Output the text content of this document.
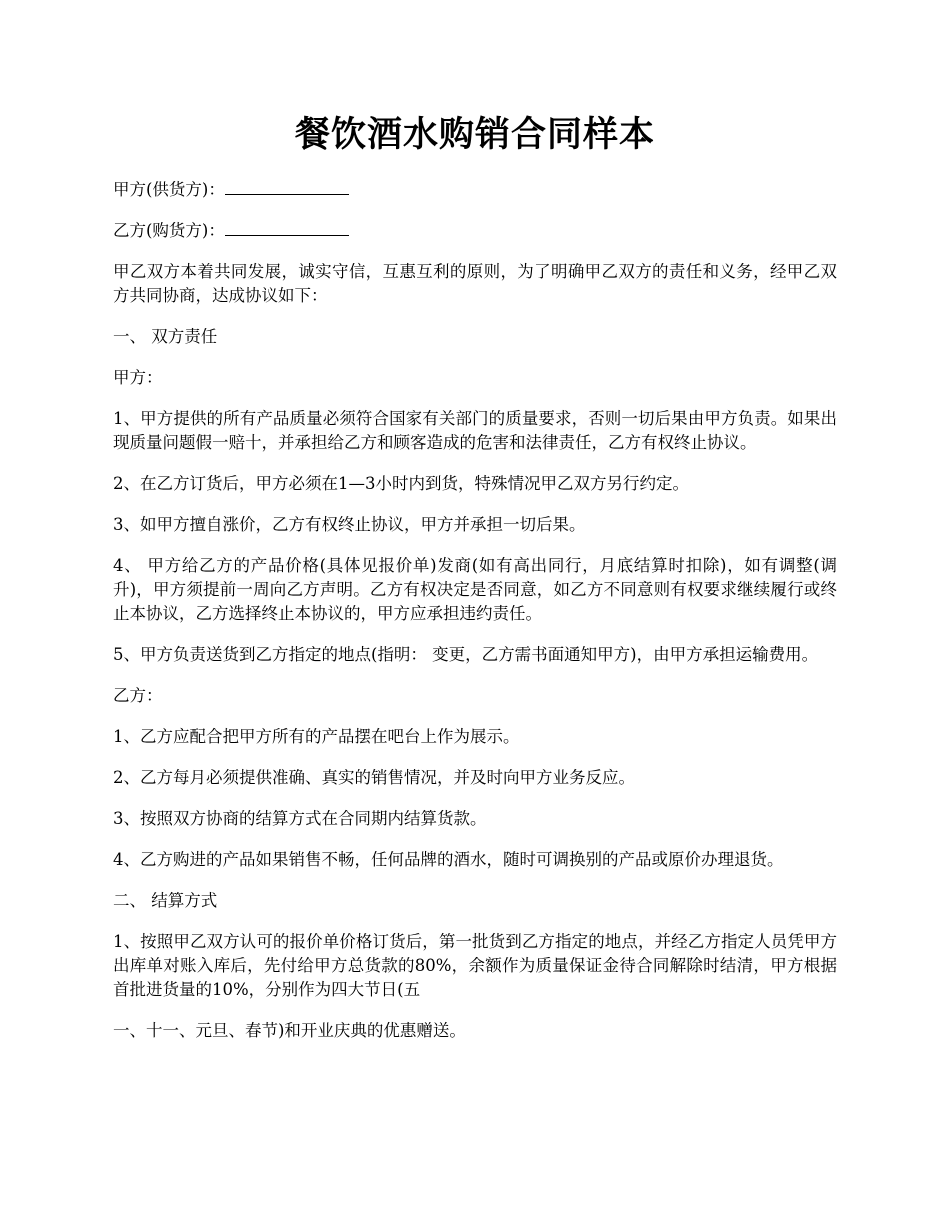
餐饮酒水购销合同样本

甲方(供货方)：

乙方(购货方)：

甲乙双方本着共同发展，诚实守信，互惠互利的原则，为了明确甲乙双方的责任和义务，经甲乙双方共同协商，达成协议如下：

一、 双方责任

甲方：

1、甲方提供的所有产品质量必须符合国家有关部门的质量要求，否则一切后果由甲方负责。如果出现质量问题假一赔十，并承担给乙方和顾客造成的危害和法律责任，乙方有权终止协议。

2、在乙方订货后，甲方必须在1—3小时内到货，特殊情况甲乙双方另行约定。

3、如甲方擅自涨价，乙方有权终止协议，甲方并承担一切后果。

4、 甲方给乙方的产品价格(具体见报价单)发商(如有高出同行，月底结算时扣除)，如有调整(调升)，甲方须提前一周向乙方声明。乙方有权决定是否同意，如乙方不同意则有权要求继续履行或终止本协议，乙方选择终止本协议的，甲方应承担违约责任。

5、甲方负责送货到乙方指定的地点(指明： 变更，乙方需书面通知甲方)，由甲方承担运输费用。

乙方：

1、乙方应配合把甲方所有的产品摆在吧台上作为展示。

2、乙方每月必须提供准确、真实的销售情况，并及时向甲方业务反应。

3、按照双方协商的结算方式在合同期内结算货款。

4、乙方购进的产品如果销售不畅，任何品牌的酒水，随时可调换别的产品或原价办理退货。

二、 结算方式

1、按照甲乙双方认可的报价单价格订货后，第一批货到乙方指定的地点，并经乙方指定人员凭甲方出库单对账入库后，先付给甲方总货款的80%，余额作为质量保证金待合同解除时结清，甲方根据首批进货量的10%，分别作为四大节日(五

一、十一、元旦、春节)和开业庆典的优惠赠送。
